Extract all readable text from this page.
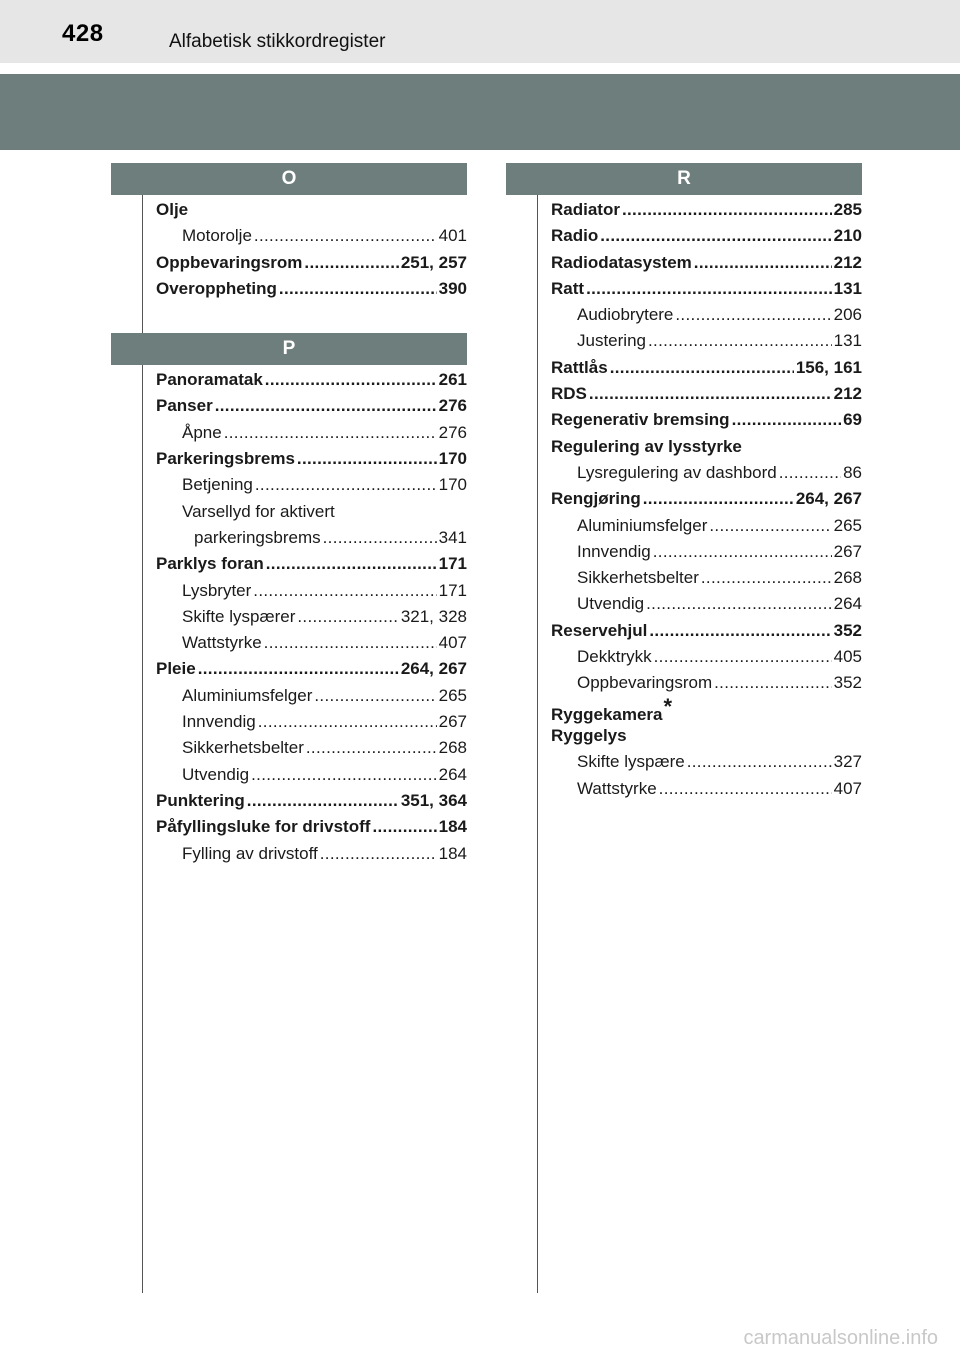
428	Alfabetisk stikkordregister
O
Olje
Motorolje . . .	401
Oppbevaringsrom . . .	251, 257
Overoppheting . . .	390
P
Panoramatak . . .	261
Panser . . .	276
Åpne . . .	276
Parkeringsbrems . . .	170
Betjening . . .	170
Varsellyd for aktivert
parkeringsbrems . . .	341
Parklys foran . . .	171
Lysbryter . . .	171
Skifte lyspærer . . .	321, 328
Wattstyrke . . .	407
Pleie . . .	264, 267
Aluminiumsfelger . . .	265
Innvendig . . .	267
Sikkerhetsbelter . . .	268
Utvendig . . .	264
Punktering . . .	351, 364
Påfyllingsluke for drivstoff . . .	184
Fylling av drivstoff . . .	184
R
Radiator . . .	285
Radio . . .	210
Radiodatasystem . . .	212
Ratt . . .	131
Audiobrytere . . .	206
Justering . . .	131
Rattlås . . .	156, 161
RDS . . .	212
Regenerativ bremsing . . .	69
Regulering av lysstyrke
Lysregulering av dashbord . . .	86
Rengjøring . . .	264, 267
Aluminiumsfelger . . .	265
Innvendig . . .	267
Sikkerhetsbelter . . .	268
Utvendig . . .	264
Reservehjul . . .	352
Dekktrykk . . .	405
Oppbevaringsrom . . .	352
Ryggekamera *
Ryggelys
Skifte lyspære . . .	327
Wattstyrke . . .	407
carmanualsonline.info
